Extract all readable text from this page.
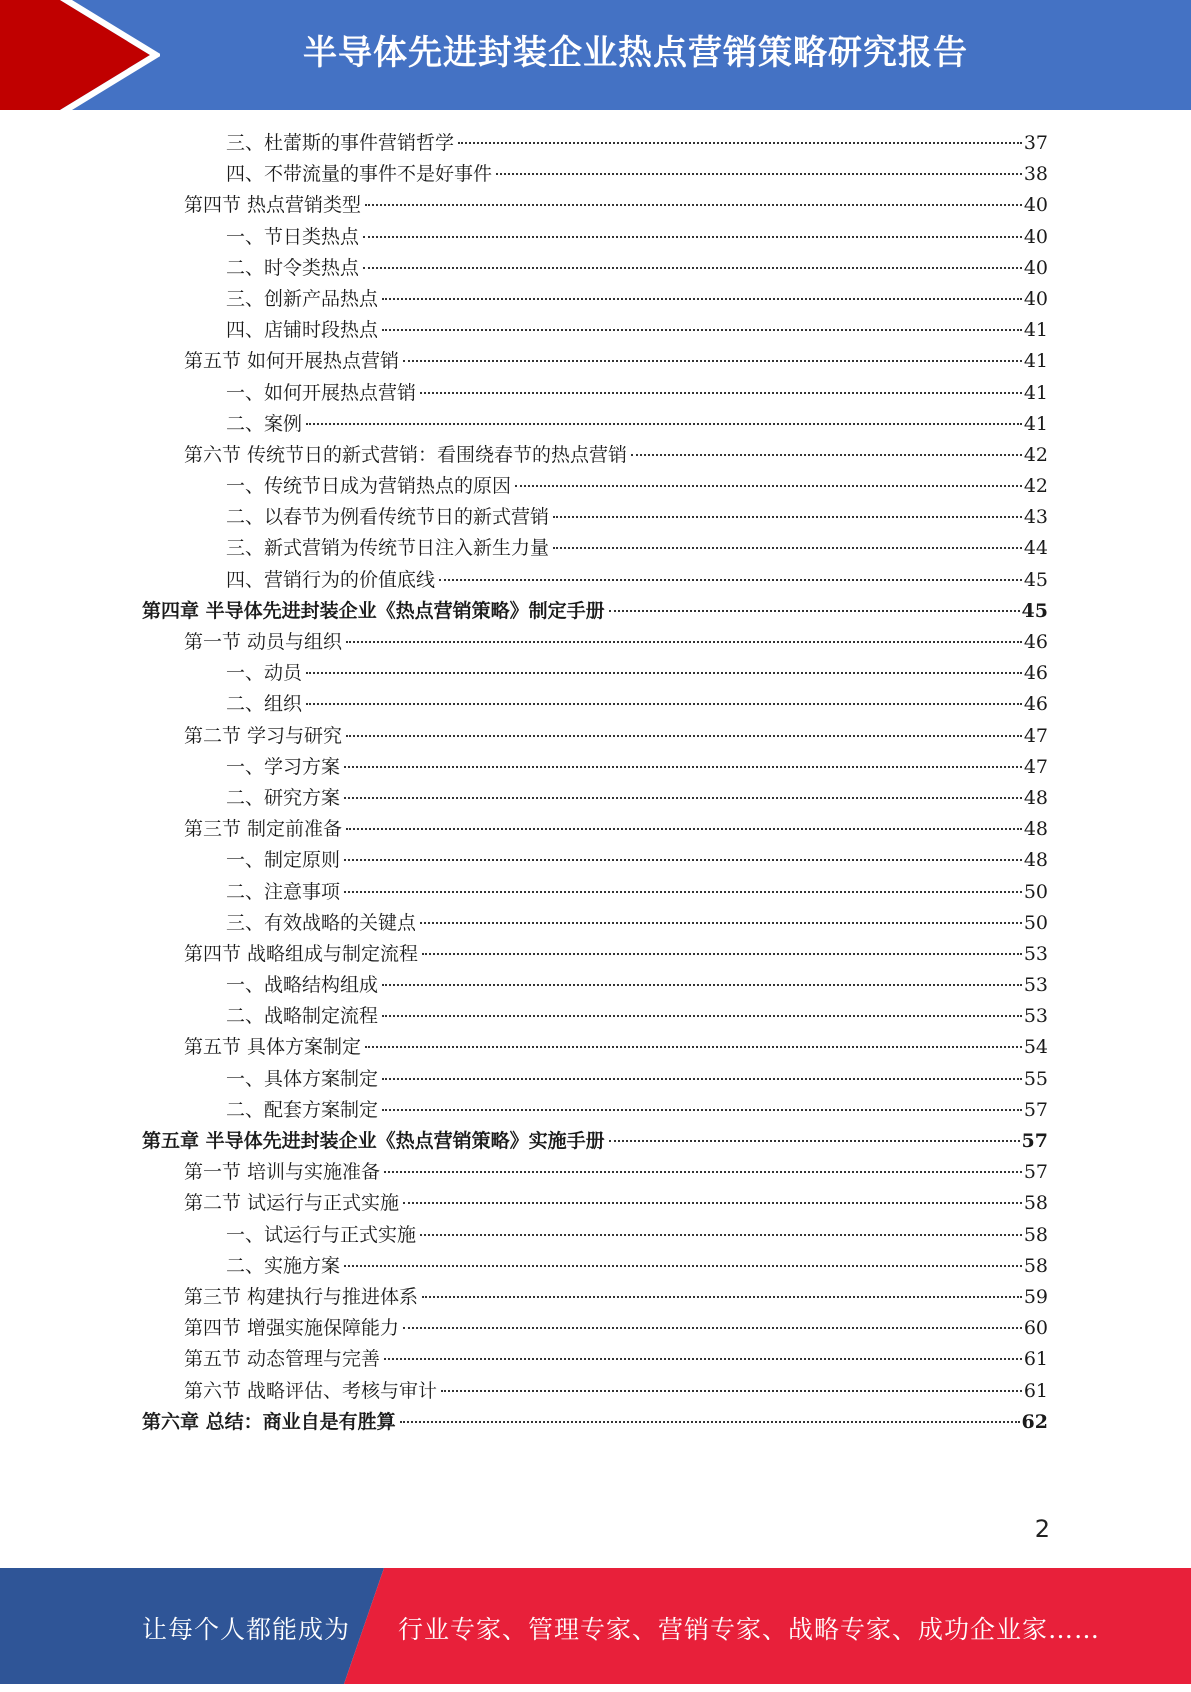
半导体先进封装企业热点营销策略研究报告
三、杜蕾斯的事件营销哲学	37
四、不带流量的事件不是好事件	38
第四节 热点营销类型	40
一、节日类热点	40
二、时令类热点	40
三、创新产品热点	40
四、店铺时段热点	41
第五节 如何开展热点营销	41
一、如何开展热点营销	41
二、案例	41
第六节 传统节日的新式营销：看围绕春节的热点营销	42
一、传统节日成为营销热点的原因	42
二、以春节为例看传统节日的新式营销	43
三、新式营销为传统节日注入新生力量	44
四、营销行为的价值底线	45
第四章 半导体先进封装企业《热点营销策略》制定手册	45
第一节 动员与组织	46
一、动员	46
二、组织	46
第二节 学习与研究	47
一、学习方案	47
二、研究方案	48
第三节 制定前准备	48
一、制定原则	48
二、注意事项	50
三、有效战略的关键点	50
第四节 战略组成与制定流程	53
一、战略结构组成	53
二、战略制定流程	53
第五节 具体方案制定	54
一、具体方案制定	55
二、配套方案制定	57
第五章 半导体先进封装企业《热点营销策略》实施手册	57
第一节 培训与实施准备	57
第二节 试运行与正式实施	58
一、试运行与正式实施	58
二、实施方案	58
第三节 构建执行与推进体系	59
第四节 增强实施保障能力	60
第五节 动态管理与完善	61
第六节 战略评估、考核与审计	61
第六章 总结：商业自是有胜算	62
2
让每个人都能成为 行业专家、管理专家、营销专家、战略专家、成功企业家……
